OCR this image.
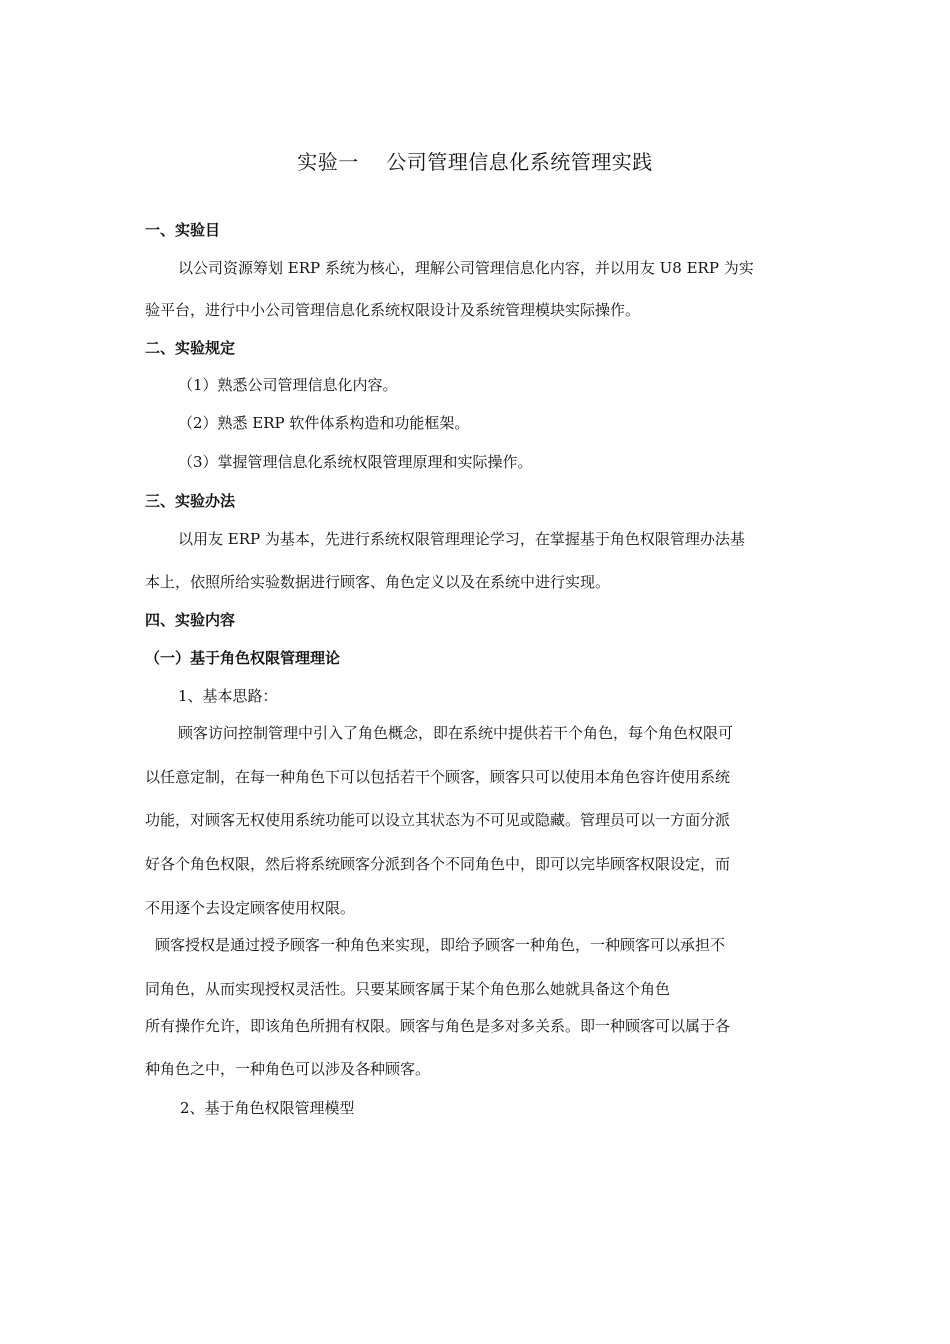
实验一    公司管理信息化系统管理实践
一、实验目
以公司资源筹划 ERP 系统为核心，理解公司管理信息化内容，并以用友 U8 ERP 为实
验平台，进行中小公司管理信息化系统权限设计及系统管理模块实际操作。
二、实验规定
（1）熟悉公司管理信息化内容。
（2）熟悉 ERP 软件体系构造和功能框架。
（3）掌握管理信息化系统权限管理原理和实际操作。
三、实验办法
以用友 ERP 为基本，先进行系统权限管理理论学习，在掌握基于角色权限管理办法基
本上，依照所给实验数据进行顾客、角色定义以及在系统中进行实现。
四、实验内容
（一）基于角色权限管理理论
1、基本思路：
顾客访问控制管理中引入了角色概念，即在系统中提供若干个角色，每个角色权限可
以任意定制，在每一种角色下可以包括若干个顾客，顾客只可以使用本角色容许使用系统
功能，对顾客无权使用系统功能可以设立其状态为不可见或隐藏。管理员可以一方面分派
好各个角色权限，然后将系统顾客分派到各个不同角色中，即可以完毕顾客权限设定，而
不用逐个去设定顾客使用权限。
顾客授权是通过授予顾客一种角色来实现，即给予顾客一种角色，一种顾客可以承担不
同角色，从而实现授权灵活性。只要某顾客属于某个角色那么她就具备这个角色
所有操作允许，即该角色所拥有权限。顾客与角色是多对多关系。即一种顾客可以属于各
种角色之中，一种角色可以涉及各种顾客。
2、基于角色权限管理模型
